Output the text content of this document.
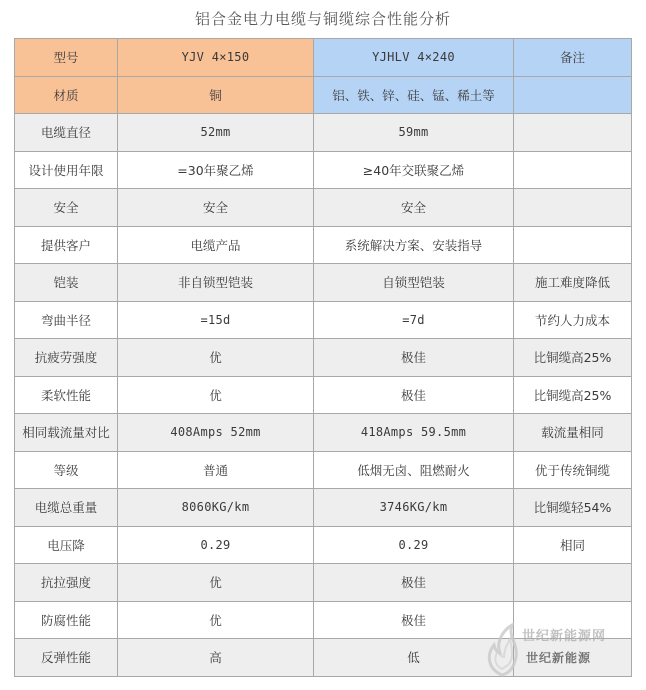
铝合金电力电缆与铜缆综合性能分析
型号	YJV 4×150	YJHLV 4×240	备注
材质	铜	铝、铁、锌、硅、锰、稀土等	
电缆直径	52mm	59mm	
设计使用年限	=30年聚乙烯	≥40年交联聚乙烯	
安全	安全	安全	
提供客户	电缆产品	系统解决方案、安装指导	
铠装	非自锁型铠装	自锁型铠装	施工难度降低
弯曲半径	=15d	=7d	节约人力成本
抗疲劳强度	优	极佳	比铜缆高25%
柔软性能	优	极佳	比铜缆高25%
相同载流量对比	408Amps 52mm	418Amps 59.5mm	载流量相同
等级	普通	低烟无卤、阻燃耐火	优于传统铜缆
电缆总重量	8060KG/km	3746KG/km	比铜缆轻54%
电压降	0.29	0.29	相同
抗拉强度	优	极佳	
防腐性能	优	极佳	
反弹性能	高	低	
世纪新能源网
世纪新能源
